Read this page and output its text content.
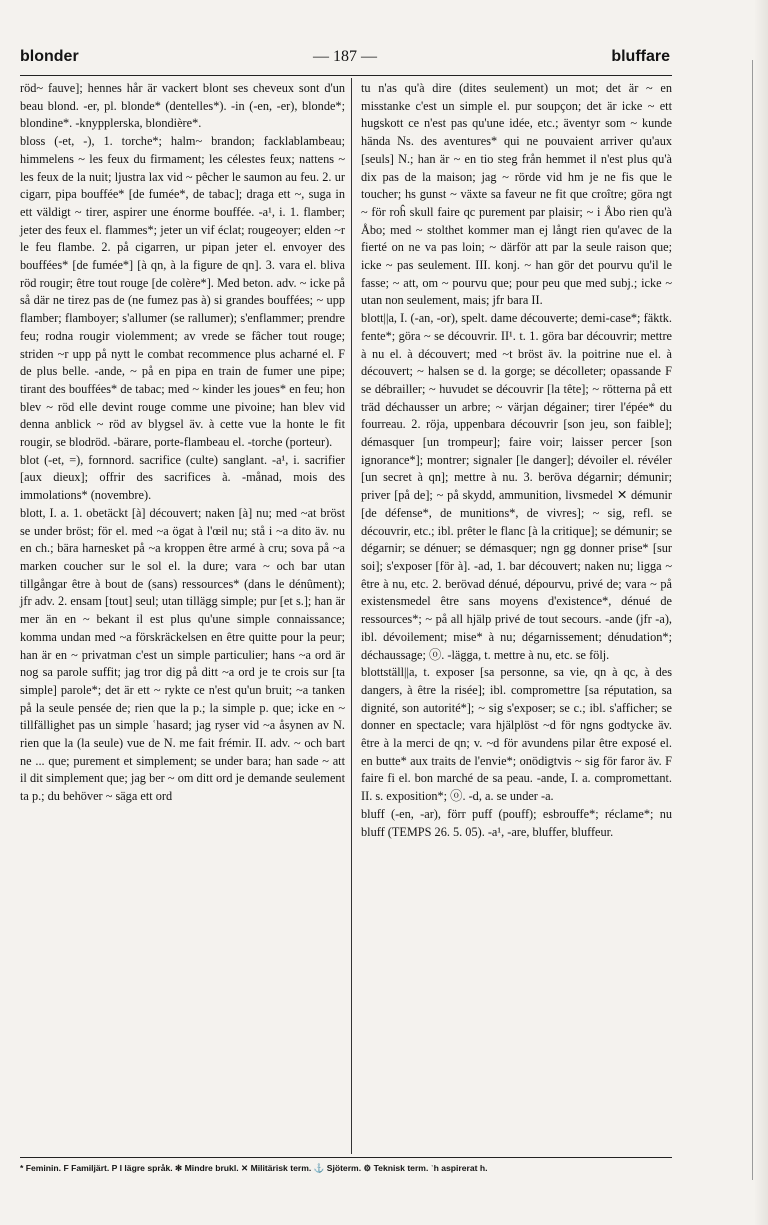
blonder	— 187 —	bluffare

röd~ fauve]; hennes hår är vackert blont ses cheveux sont d'un beau blond. -er, pl. blonde* (dentelles*). -in (-en, -er), blonde*; blondine*. -knypplerska, blondière*.

bloss (-et, -), 1. torche*; halm~ brandon; facklablambeau; himmelens ~ les feux du firmament; les célestes feux; nattens ~ les feux de la nuit; ljustra lax vid ~ pêcher le saumon au feu. 2. ur cigarr, pipa bouffée* [de fumée*, de tabac]; draga ett ~, suga in ett väldigt ~ tirer, aspirer une énorme bouffée. -a¹, i. 1. flamber; jeter des feux el. flammes*; jeter un vif éclat; rougeoyer; elden ~r le feu flambe. 2. på cigarren, ur pipan jeter el. envoyer des bouffées* [de fumée*] [à qn, à la figure de qn]. 3. vara el. bliva röd rougir; être tout rouge [de colère*]. Med beton. adv. ~ icke på så där ne tirez pas de (ne fumez pas à) si grandes bouffées; ~ upp flamber; flamboyer; s'allumer (se rallumer); s'enflammer; prendre feu; rodna rougir violemment; av vrede se fâcher tout rouge; striden ~r upp på nytt le combat recommence plus acharné el. F de plus belle. -ande, ~ på en pipa en train de fumer une pipe; tirant des bouffées* de tabac; med ~ kinder les joues* en feu; hon blev ~ röd elle devint rouge comme une pivoine; han blev vid denna anblick ~ röd av blygsel äv. à cette vue la honte le fit rougir, se blodröd. -bärare, porte-flambeau el. -torche (porteur).

blot (-et, =), fornnord. sacrifice (culte) sanglant. -a¹, i. sacrifier [aux dieux]; offrir des sacrifices à. -månad, mois des immolations* (novembre).

blott, I. a. 1. obetäckt [à] découvert; naken [à] nu; med ~at bröst se under bröst; för el. med ~a ögat à l'œil nu; stå i ~a dito äv. nu en ch.; bära harnesket på ~a kroppen être armé à cru; sova på ~a marken coucher sur le sol el. la dure; vara ~ och bar utan tillgångar être à bout de (sans) ressources* (dans le dénûment); jfr adv. 2. ensam [tout] seul; utan tillägg simple; pur [et s.]; han är mer än en ~ bekant il est plus qu'une simple connaissance; komma undan med ~a förskräckelsen en être quitte pour la peur; han är en ~ privatman c'est un simple particulier; hans ~a ord är nog sa parole suffit; jag tror dig på ditt ~a ord je te crois sur [ta simple] parole*; det är ett ~ rykte ce n'est qu'un bruit; ~a tanken på la seule pensée de; rien que la p.; la simple p. que; icke en ~ tillfällighet pas un simple ʿhasard; jag ryser vid ~a åsynen av N. rien que la (la seule) vue de N. me fait frémir. II. adv. ~ och bart ne ... que; purement et simplement; se under bara; han sade ~ att il dit simplement que; jag ber ~ om ditt ord je demande seulement ta p.; du behöver ~ säga ett ord

tu n'as qu'à dire (dites seulement) un mot; det är ~ en misstanke c'est un simple el. pur soupçon; det är icke ~ ett hugskott ce n'est pas qu'une idée, etc.; äventyr som ~ kunde hända Ns. des aventures* qui ne pouvaient arriver qu'aux [seuls] N.; han är ~ en tio steg från hemmet il n'est plus qu'à dix pas de la maison; jag ~ rörde vid hm je ne fis que le toucher; hs gunst ~ växte sa faveur ne fit que croître; göra ngt ~ för roĥ skull faire qc purement par plaisir; ~ i Åbo rien qu'à Åbo; med ~ stolthet kommer man ej långt rien qu'avec de la fierté on ne va pas loin; ~ därför att par la seule raison que; icke ~ pas seulement. III. konj. ~ han gör det pourvu qu'il le fasse; ~ att, om ~ pourvu que; pour peu que med subj.; icke ~ utan non seulement, mais; jfr bara II.

blott||a, I. (-an, -or), spelt. dame découverte; demi-case*; fäktk. fente*; göra ~ se découvrir. II¹. t. 1. göra bar découvrir; mettre à nu el. à découvert; med ~t bröst äv. la poitrine nue el. à découvert; ~ halsen se d. la gorge; se décolleter; opassande F se débrailler; ~ huvudet se découvrir [la tête]; ~ rötterna på ett träd déchausser un arbre; ~ värjan dégainer; tirer l'épée* du fourreau. 2. röja, uppenbara découvrir [son jeu, son faible]; démasquer [un trompeur]; faire voir; laisser percer [son ignorance*]; montrer; signaler [le danger]; dévoiler el. révéler [un secret à qn]; mettre à nu. 3. beröva dégarnir; démunir; priver [på de]; ~ på skydd, ammunition, livsmedel ✕ démunir [de défense*, de munitions*, de vivres]; ~ sig, refl. se découvrir, etc.; ibl. prêter le flanc [à la critique]; se démunir; se dégarnir; se dénuer; se démasquer; ngn gg donner prise* [sur soi]; s'exposer [för à]. -ad, 1. bar découvert; naken nu; ligga ~ être à nu, etc. 2. berövad dénué, dépourvu, privé de; vara ~ på existensmedel être sans moyens d'existence*, dénué de ressources*; ~ på all hjälp privé de tout secours. -ande (jfr -a), ibl. dévoilement; mise* à nu; dégarnissement; dénudation*; déchaussage; ⓞ. -lägga, t. mettre à nu, etc. se följ.

blottställ||a, t. exposer [sa personne, sa vie, qn à qc, à des dangers, à être la risée]; ibl. compromettre [sa réputation, sa dignité, son autorité*]; ~ sig s'exposer; se c.; ibl. s'afficher; se donner en spectacle; vara hjälplöst ~d för ngns godtycke äv. être à la merci de qn; v. ~d för avundens pilar être exposé el. en butte* aux traits de l'envie*; onödigtvis ~ sig för faror äv. F faire fi el. bon marché de sa peau. -ande, I. a. compromettant. II. s. exposition*; ⓞ. -d, a. se under -a.

bluff (-en, -ar), förr puff (pouff); esbrouffe*; réclame*; nu bluff (TEMPS 26. 5. 05). -a¹, -are, bluffer, bluffeur.

* Feminin. F Familjärt. P I lägre språk. ✻ Mindre brukl. ✕ Militärisk term. ⚓ Sjöterm. ⚙ Teknisk term. ʿh aspirerat h.
